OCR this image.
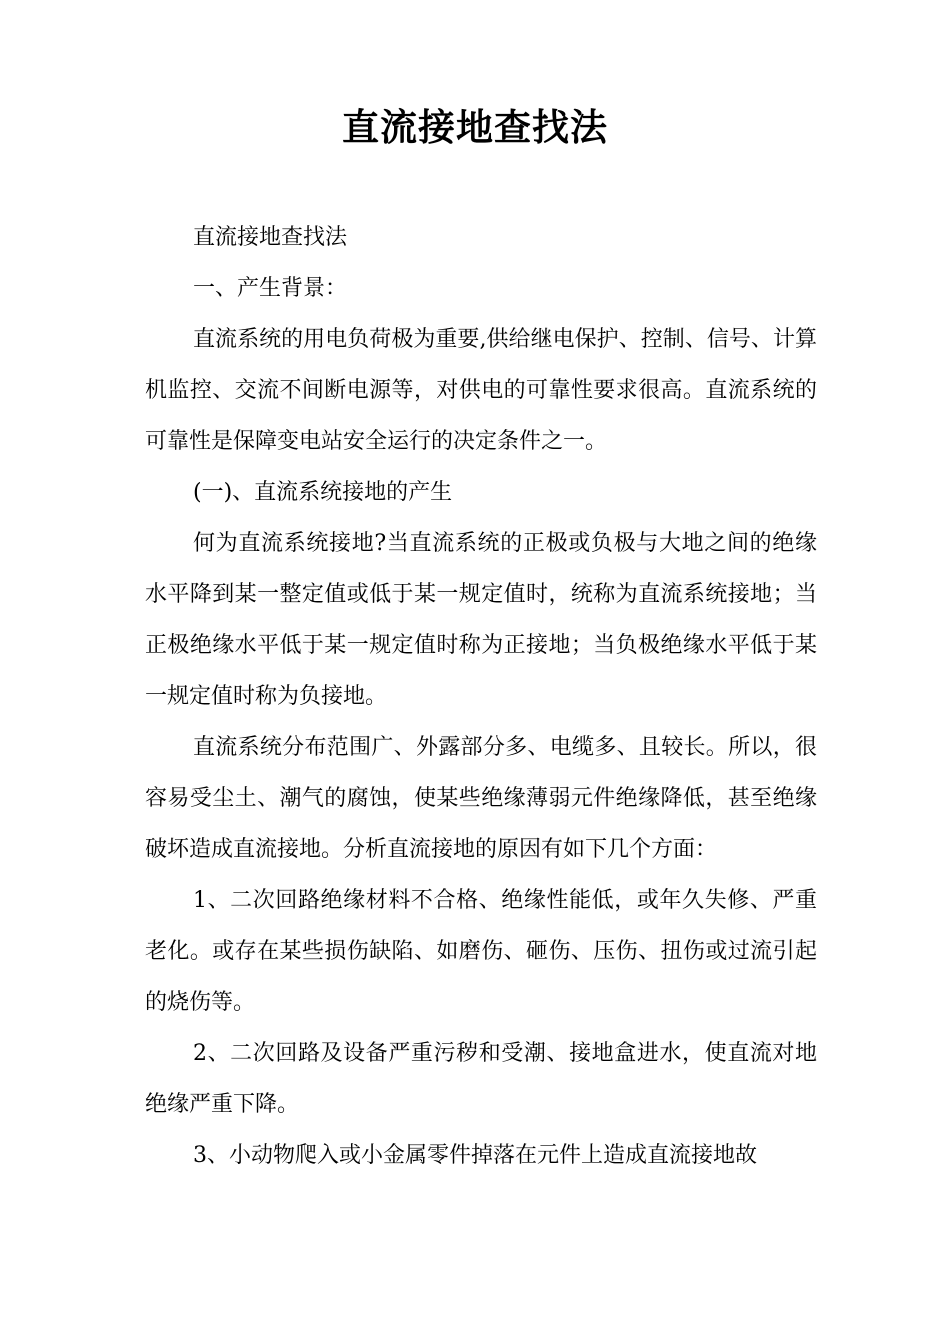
直流接地查找法

直流接地查找法

一、产生背景：

直流系统的用电负荷极为重要,供给继电保护、控制、信号、计算机监控、交流不间断电源等，对供电的可靠性要求很高。直流系统的可靠性是保障变电站安全运行的决定条件之一。

(一)、直流系统接地的产生

何为直流系统接地?当直流系统的正极或负极与大地之间的绝缘水平降到某一整定值或低于某一规定值时，统称为直流系统接地；当正极绝缘水平低于某一规定值时称为正接地；当负极绝缘水平低于某一规定值时称为负接地。

直流系统分布范围广、外露部分多、电缆多、且较长。所以，很容易受尘土、潮气的腐蚀，使某些绝缘薄弱元件绝缘降低，甚至绝缘破坏造成直流接地。分析直流接地的原因有如下几个方面：

1、二次回路绝缘材料不合格、绝缘性能低，或年久失修、严重老化。或存在某些损伤缺陷、如磨伤、砸伤、压伤、扭伤或过流引起的烧伤等。

2、二次回路及设备严重污秽和受潮、接地盒进水，使直流对地绝缘严重下降。

3、小动物爬入或小金属零件掉落在元件上造成直流接地故
